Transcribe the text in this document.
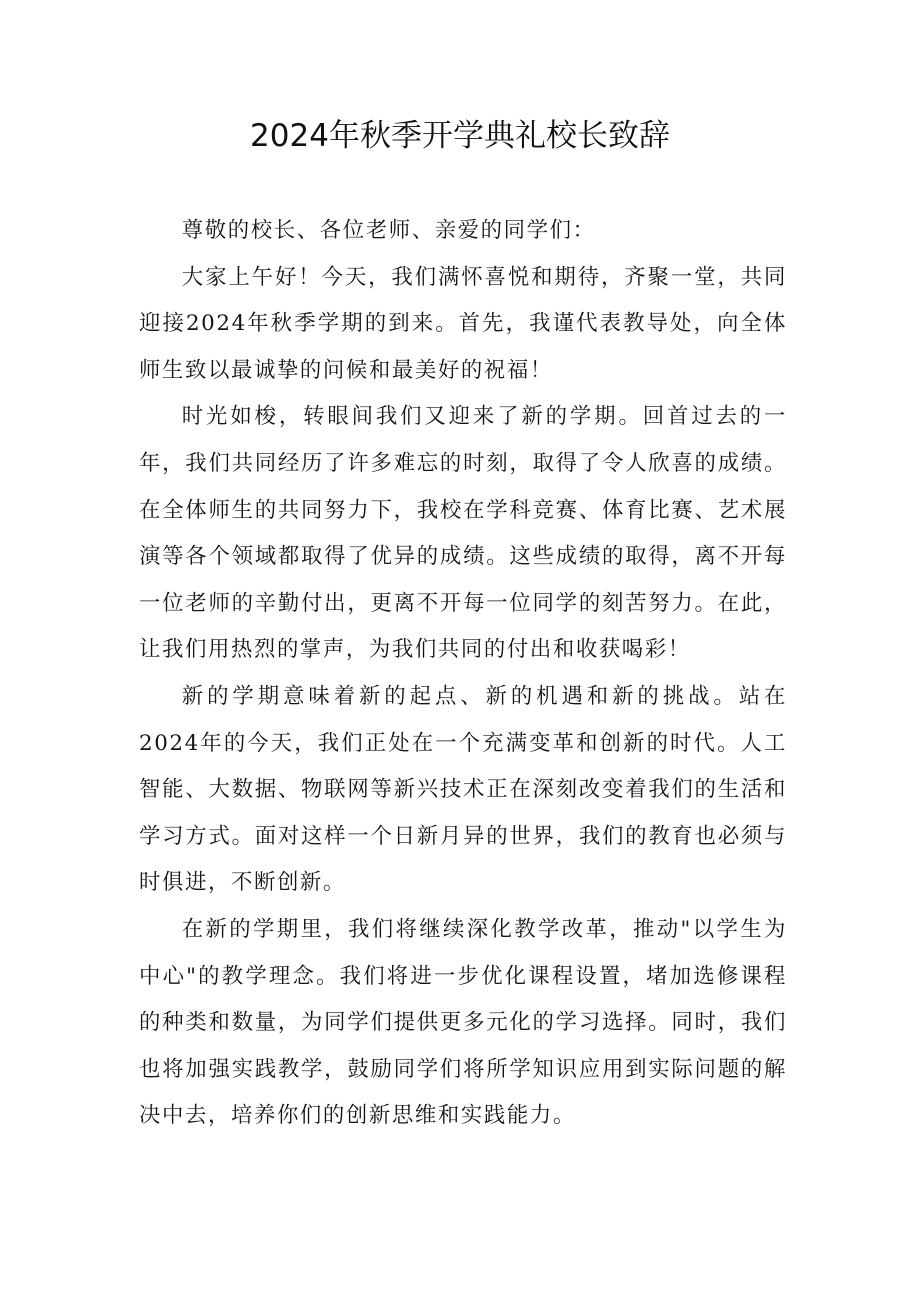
2024年秋季开学典礼校长致辞

尊敬的校长、各位老师、亲爱的同学们：

大家上午好！今天，我们满怀喜悦和期待，齐聚一堂，共同迎接2024年秋季学期的到来。首先，我谨代表教导处，向全体师生致以最诚挚的问候和最美好的祝福！

时光如梭，转眼间我们又迎来了新的学期。回首过去的一年，我们共同经历了许多难忘的时刻，取得了令人欣喜的成绩。在全体师生的共同努力下，我校在学科竞赛、体育比赛、艺术展演等各个领域都取得了优异的成绩。这些成绩的取得，离不开每一位老师的辛勤付出，更离不开每一位同学的刻苦努力。在此，让我们用热烈的掌声，为我们共同的付出和收获喝彩！

新的学期意味着新的起点、新的机遇和新的挑战。站在2024年的今天，我们正处在一个充满变革和创新的时代。人工智能、大数据、物联网等新兴技术正在深刻改变着我们的生活和学习方式。面对这样一个日新月异的世界，我们的教育也必须与时俱进，不断创新。

在新的学期里，我们将继续深化教学改革，推动"以学生为中心"的教学理念。我们将进一步优化课程设置，堵加选修课程的种类和数量，为同学们提供更多元化的学习选择。同时，我们也将加强实践教学，鼓励同学们将所学知识应用到实际问题的解决中去，培养你们的创新思维和实践能力。
